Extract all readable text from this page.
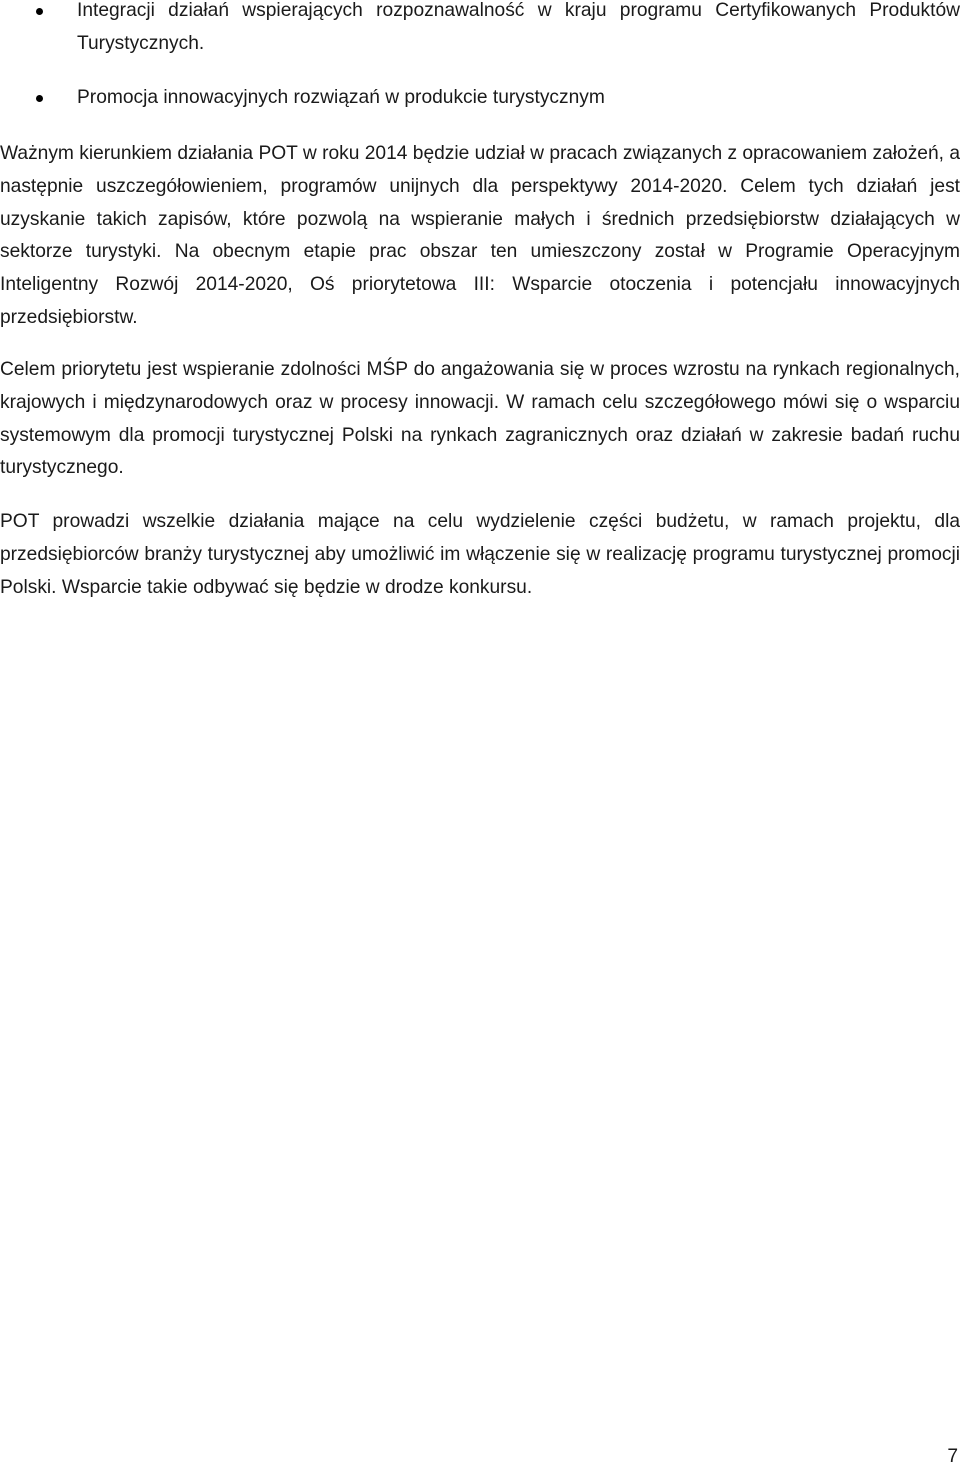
Integracji działań wspierających rozpoznawalność w kraju programu Certyfikowanych Produktów Turystycznych.
Promocja innowacyjnych rozwiązań w produkcie turystycznym

Ważnym kierunkiem działania POT w roku 2014 będzie udział w pracach związanych z opracowaniem założeń, a następnie uszczegółowieniem, programów unijnych dla perspektywy 2014-2020. Celem tych działań jest uzyskanie takich zapisów, które pozwolą na wspieranie małych i średnich przedsiębiorstw działających w sektorze turystyki. Na obecnym etapie prac obszar ten umieszczony został w Programie Operacyjnym Inteligentny Rozwój 2014-2020, Oś priorytetowa III: Wsparcie otoczenia i potencjału innowacyjnych przedsiębiorstw.

Celem priorytetu jest wspieranie zdolności MŚP do angażowania się w proces wzrostu na rynkach regionalnych, krajowych i międzynarodowych oraz w procesy innowacji. W ramach celu szczegółowego mówi się o wsparciu systemowym dla promocji turystycznej Polski na rynkach zagranicznych oraz działań w zakresie badań ruchu turystycznego.

POT prowadzi wszelkie działania mające na celu wydzielenie części budżetu, w ramach projektu, dla przedsiębiorców branży turystycznej aby umożliwić im włączenie się w realizację programu turystycznej promocji Polski. Wsparcie takie odbywać się będzie w drodze konkursu.

7
